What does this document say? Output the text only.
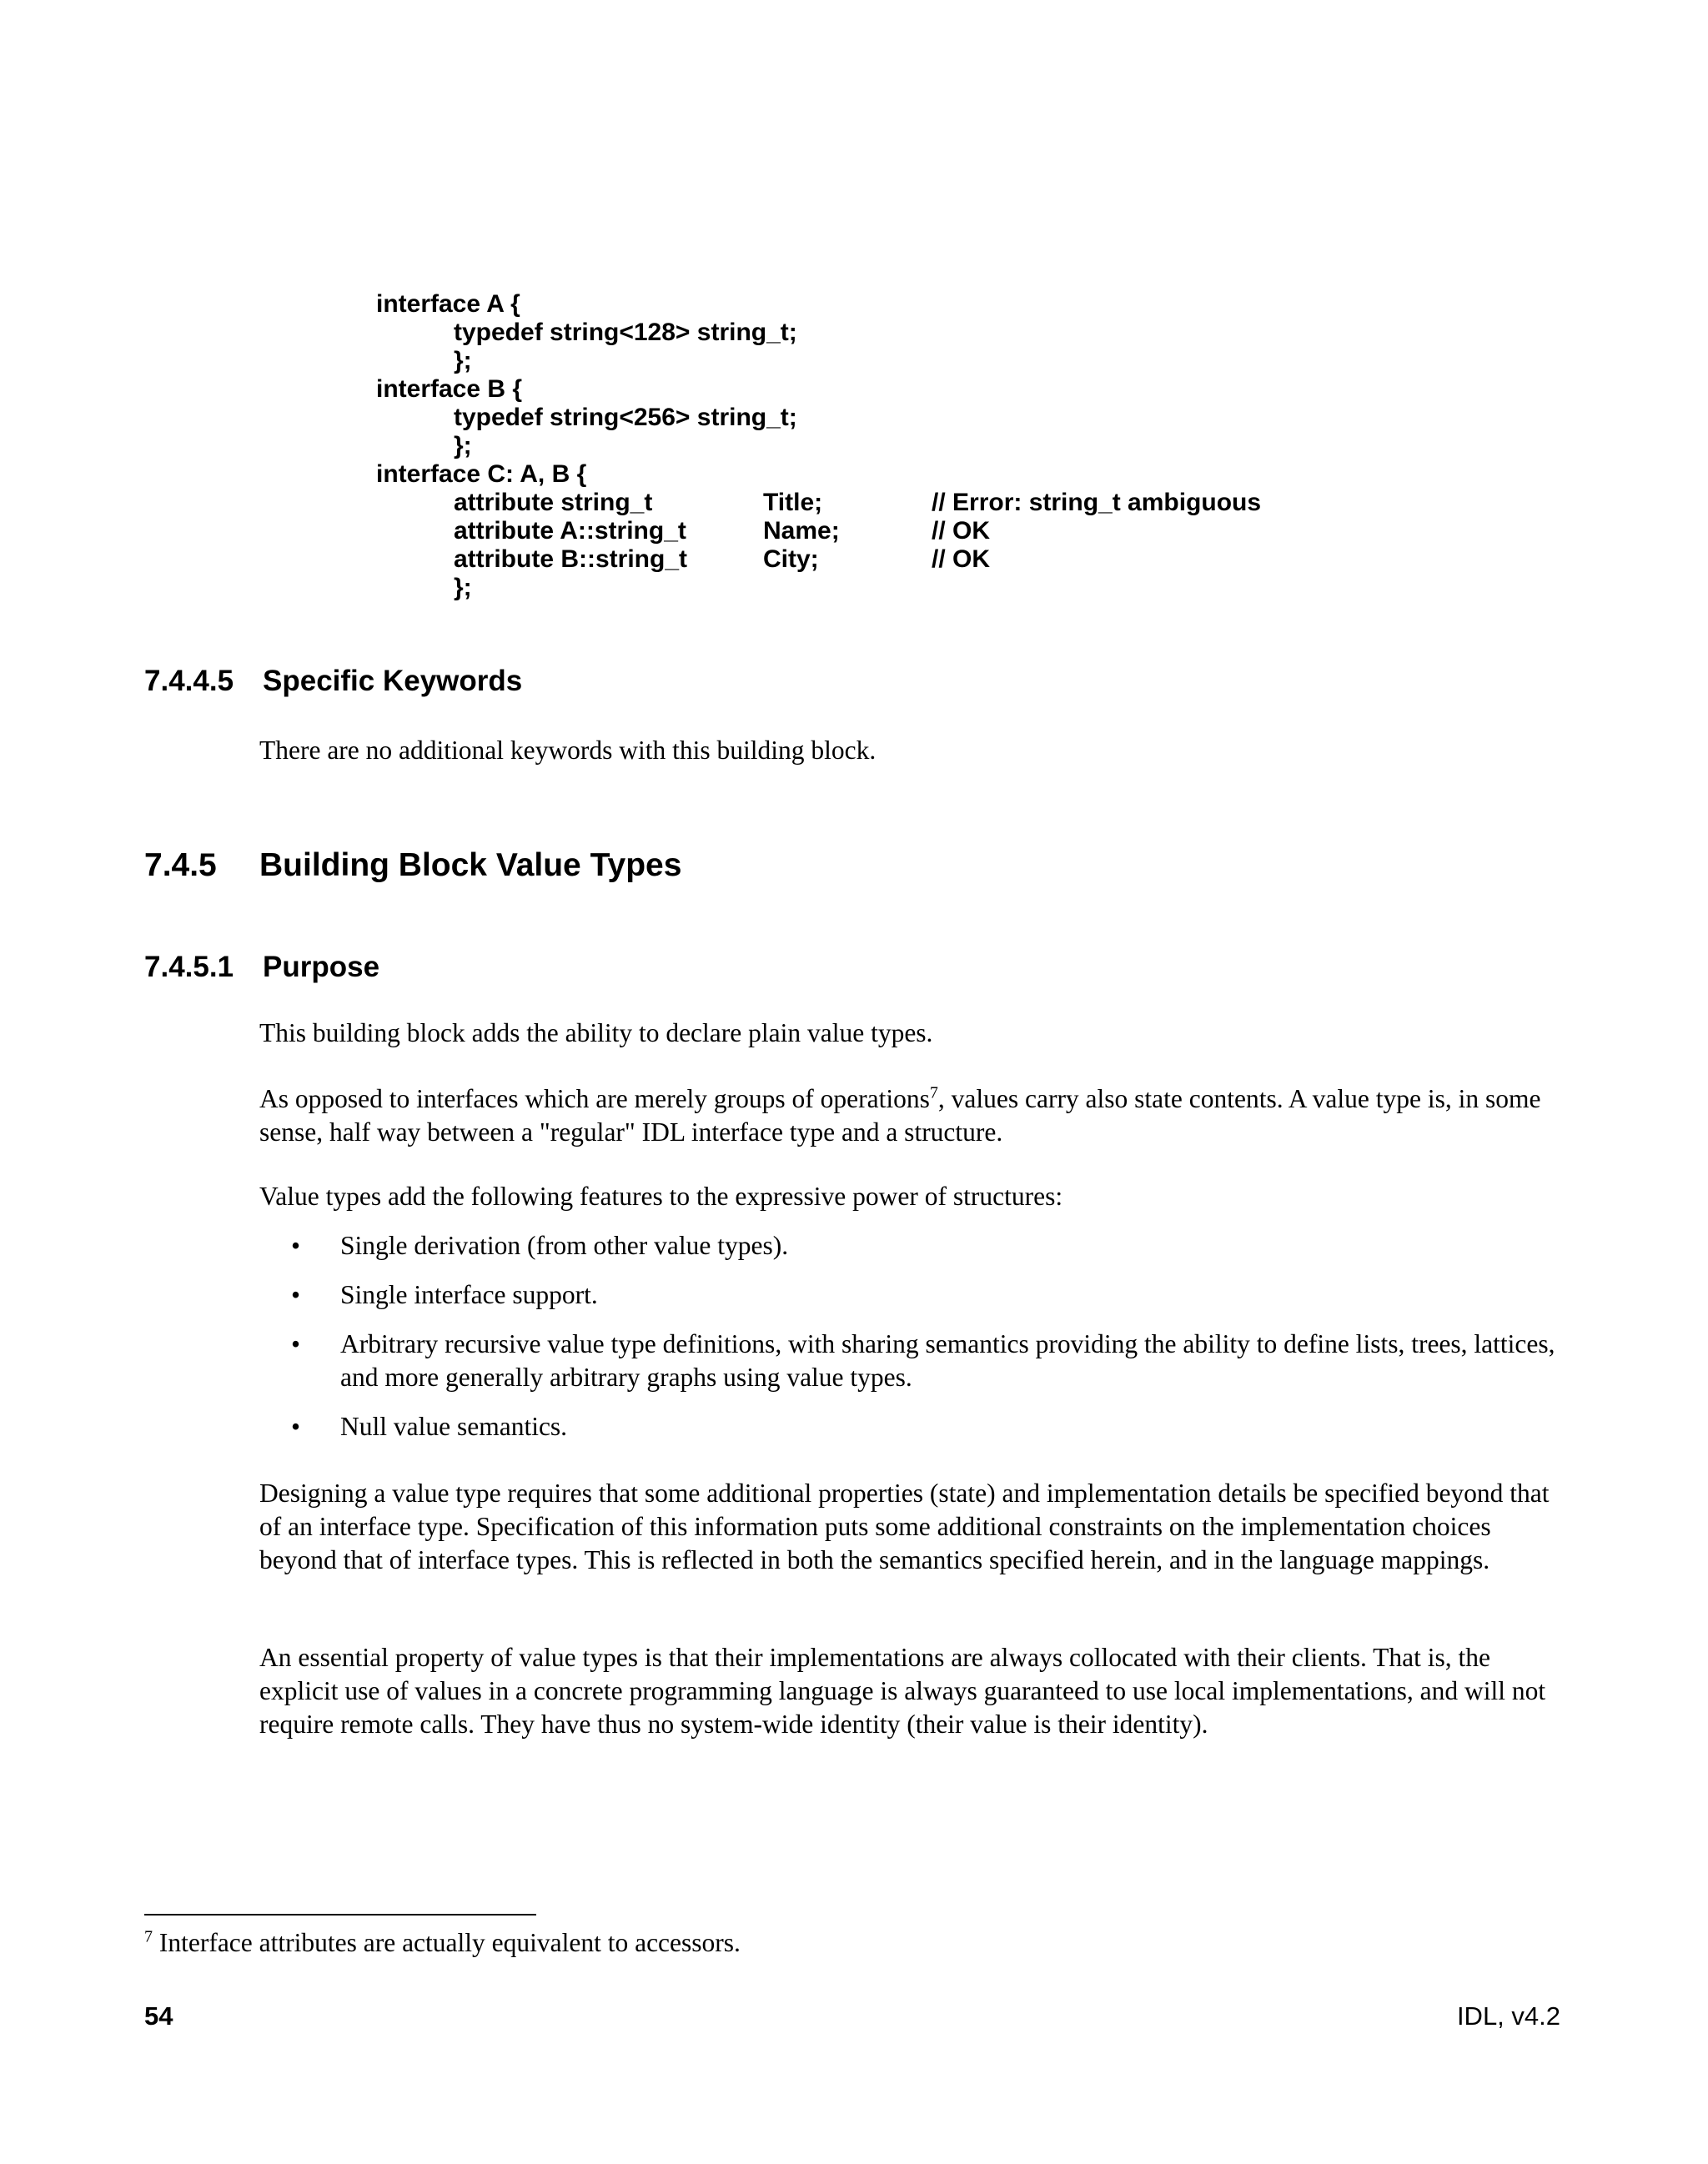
interface A {
typedef string<128> string_t;
};
interface B {
typedef string<256> string_t;
};
interface C: A, B {
attribute string_t	Title;	// Error: string_t ambiguous
attribute A::string_t	Name;	// OK
attribute B::string_t	City;	// OK
};
7.4.4.5 Specific Keywords

There are no additional keywords with this building block.

7.4.5 Building Block Value Types
7.4.5.1 Purpose

This building block adds the ability to declare plain value types.

As opposed to interfaces which are merely groups of operations$^7$, values carry also state contents. A value type is, in some sense, half way between a "regular" IDL interface type and a structure.

Value types add the following features to the expressive power of structures:

• Single derivation (from other value types).
• Single interface support.
• Arbitrary recursive value type definitions, with sharing semantics providing the ability to define lists, trees, lattices, and more generally arbitrary graphs using value types.
• Null value semantics.

Designing a value type requires that some additional properties (state) and implementation details be specified beyond that of an interface type. Specification of this information puts some additional constraints on the implementation choices beyond that of interface types. This is reflected in both the semantics specified herein, and in the language mappings.

An essential property of value types is that their implementations are always collocated with their clients. That is, the explicit use of values in a concrete programming language is always guaranteed to use local implementations, and will not require remote calls. They have thus no system-wide identity (their value is their identity).

$^7$ Interface attributes are actually equivalent to accessors.
54	IDL, v4.2
